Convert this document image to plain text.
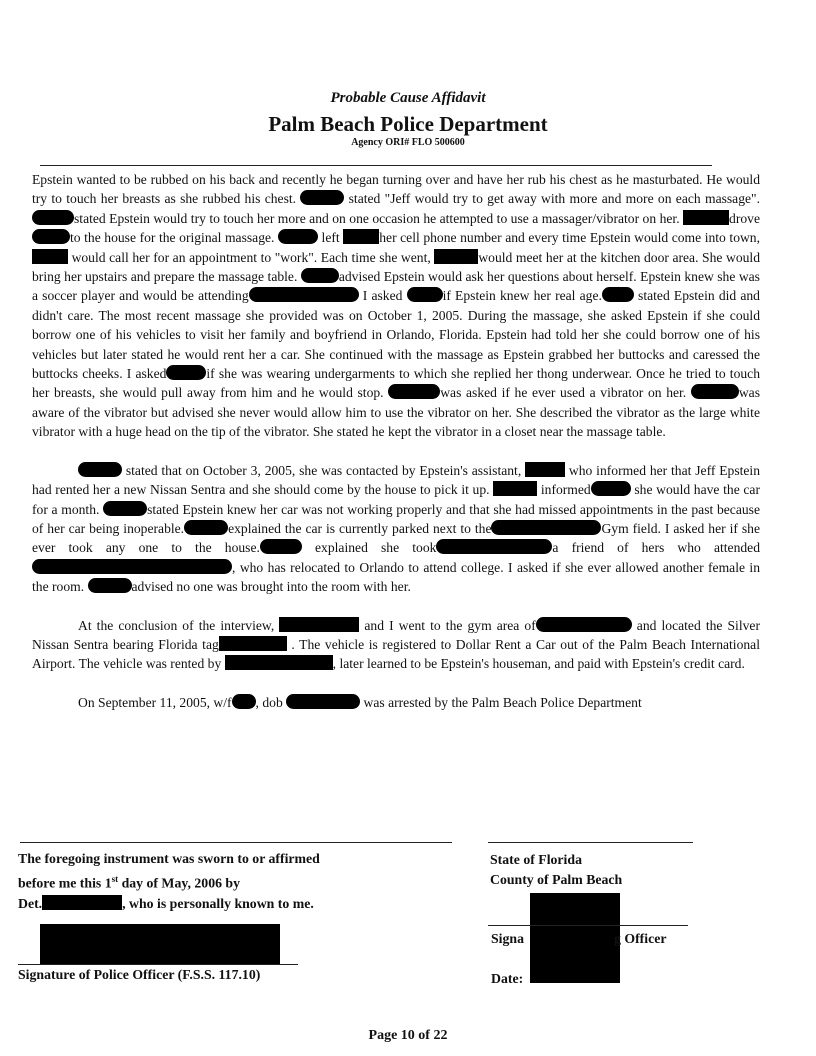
Probable Cause Affidavit
Palm Beach Police Department
Agency ORI# FLO 500600

Epstein wanted to be rubbed on his back and recently he began turning over and have her rub his chest as he masturbated. He would try to touch her breasts as she rubbed his chest.	stated "Jeff would try to get away with more and more on each massage". stated Epstein would try to touch her more and on one occasion he attempted to use a massager/vibrator on her.	droveto the house for the original massage.	left	her cell phone number and every time Epstein would come into town,  would call her for an appointment to "work". Each time she went,	would meet her at the kitchen door area. She would bring her upstairs and prepare the massage table.	advised Epstein would ask her questions about herself. Epstein knew she was a soccer player and would be attending	I asked	if Epstein knew her real age. stated Epstein did and didn't care. The most recent massage she provided was on October 1, 2005. During the massage, she asked Epstein if she could borrow one of his vehicles to visit her family and boyfriend in Orlando, Florida. Epstein had told her she could borrow one of his vehicles but later stated he would rent her a car. She continued with the massage as Epstein grabbed her buttocks and caressed the buttocks cheeks. I asked	if she was wearing undergarments to which she replied her thong underwear. Once he tried to touch her breasts, she would pull away from him and he would stop.	was asked if he ever used a vibrator on her.	was aware of the vibrator but advised she never would allow him to use the vibrator on her. She described the vibrator as the large white vibrator with a huge head on the tip of the vibrator. She stated he kept the vibrator in a closet near the massage table.

stated that on October 3, 2005, she was contacted by Epstein's assistant,	who informed her that Jeff Epstein had rented her a new Nissan Sentra and she should come by the house to pick it up.	informed	she would have the car for a month.	stated Epstein knew her car was not working properly and that she had missed appointments in the past because of her car being inoperable.	explained the car is currently parked next to the	Gym field. I asked her if she ever took any one to the house.	explained she took	a friend of hers who attended, who has relocated to Orlando to attend college. I asked if she ever allowed another female in the room.	advised no one was brought into the room with her.

At the conclusion of the interview,	and I went to the gym area of	and located the Silver Nissan Sentra bearing Florida tag	. The vehicle is registered to Dollar Rent a Car out of the Palm Beach International Airport. The vehicle was rented by	, later learned to be Epstein's houseman, and paid with Epstein's credit card.

On September 11, 2005, w/f , dob	was arrested by the Palm Beach Police Department

The foregoing instrument was sworn to or affirmed
before me this 1st day of May, 2006 by
Det.	, who is personally known to me.
Signature of Police Officer (F.S.S. 117.10)
State of Florida
County of Palm Beach
Signa	g Officer
Date:
Page 10 of 22
